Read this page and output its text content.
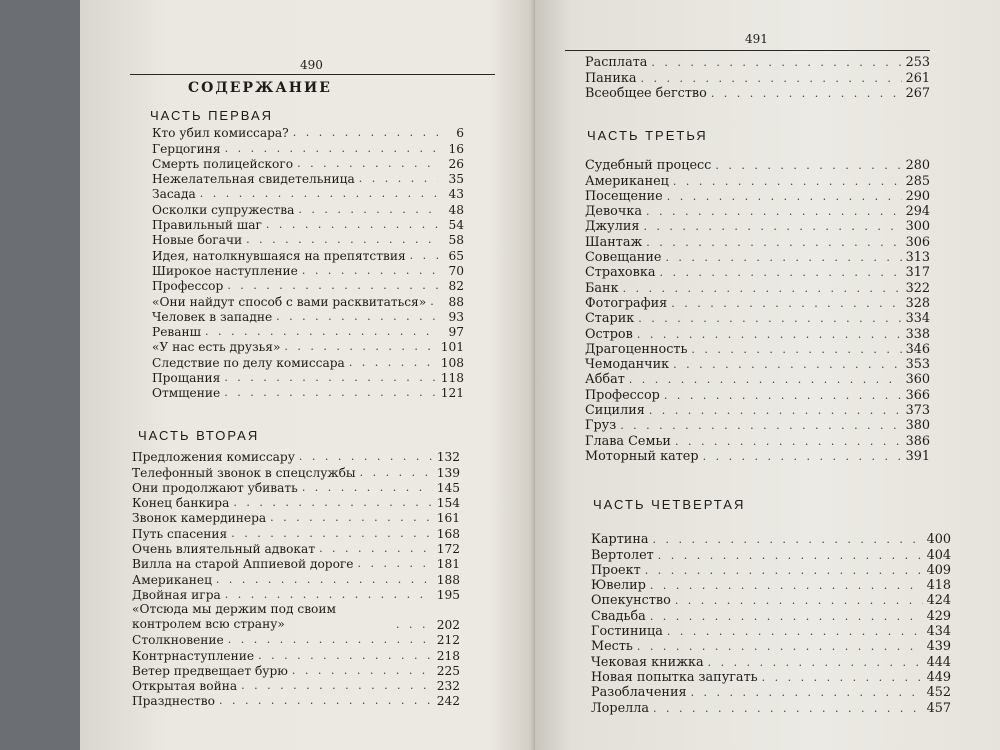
490
СОДЕРЖАНИЕ
ЧАСТЬ ПЕРВАЯ
Кто убил комиссара? . . .	6
Герцогиня . . .	16
Смерть полицейского . . .	26
Нежелательная свидетельница . . .	35
Засада . . .	43
Осколки супружества . . .	48
Правильный шаг . . .	54
Новые богачи . . .	58
Идея, натолкнувшаяся на препятствия . . .	65
Широкое наступление . . .	70
Профессор . . .	82
«Они найдут способ с вами расквитаться» . . .	88
Человек в западне . . .	93
Реванш . . .	97
«У нас есть друзья» . . .	101
Следствие по делу комиссара . . .	108
Прощания . . .	118
Отмщение . . .	121
ЧАСТЬ ВТОРАЯ
Предложения комиссару . . .	132
Телефонный звонок в спецслужбы . . .	139
Они продолжают убивать . . .	145
Конец банкира . . .	154
Звонок камердинера . . .	161
Путь спасения . . .	168
Очень влиятельный адвокат . . .	172
Вилла на старой Аппиевой дороге . . .	181
Американец . . .	188
Двойная игра . . .	195
«Отсюда мы держим под своим контролем всю страну» . . .	202
Столкновение . . .	212
Контрнаступление . . .	218
Ветер предвещает бурю . . .	225
Открытая война . . .	232
Празднество . . .	242
491
Расплата . . .	253
Паника . . .	261
Всеобщее бегство . . .	267
ЧАСТЬ ТРЕТЬЯ
Судебный процесс . . .	280
Американец . . .	285
Посещение . . .	290
Девочка . . .	294
Джулия . . .	300
Шантаж . . .	306
Совещание . . .	313
Страховка . . .	317
Банк . . .	322
Фотография . . .	328
Старик . . .	334
Остров . . .	338
Драгоценность . . .	346
Чемоданчик . . .	353
Аббат . . .	360
Профессор . . .	366
Сицилия . . .	373
Груз . . .	380
Глава Семьи . . .	386
Моторный катер . . .	391
ЧАСТЬ ЧЕТВЕРТАЯ
Картина . . .	400
Вертолет . . .	404
Проект . . .	409
Ювелир . . .	418
Опекунство . . .	424
Свадьба . . .	429
Гостиница . . .	434
Месть . . .	439
Чековая книжка . . .	444
Новая попытка запугать . . .	449
Разоблачения . . .	452
Лорелла . . .	457
